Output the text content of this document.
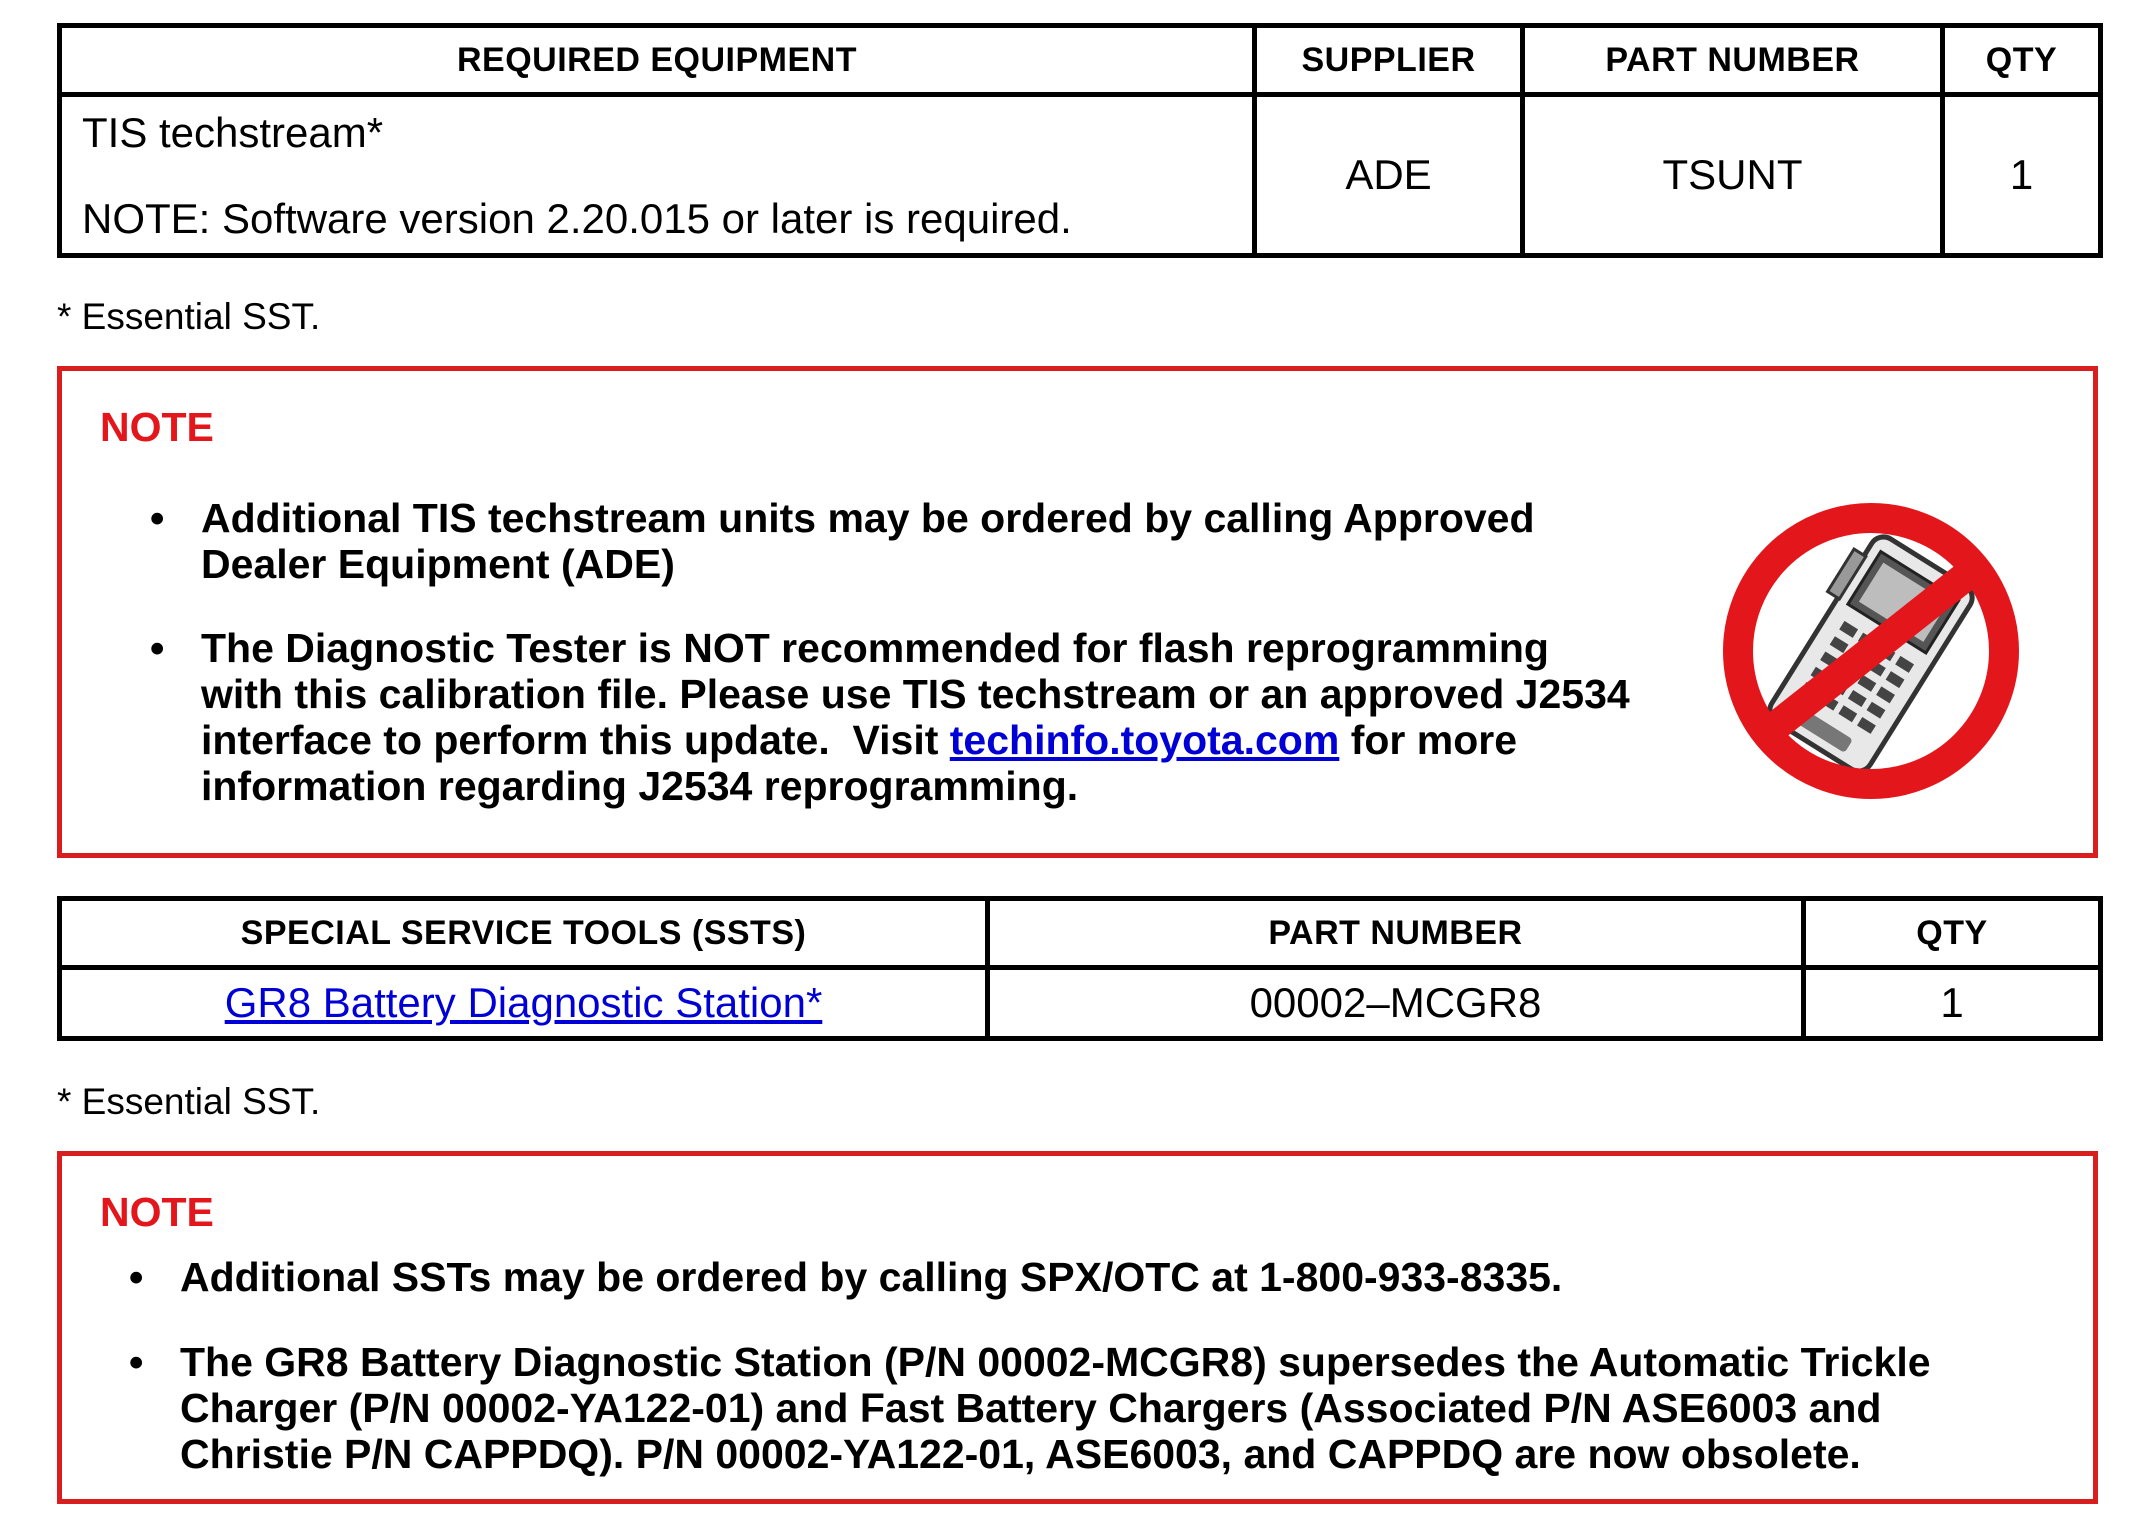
REQUIRED EQUIPMENT	SUPPLIER	PART NUMBER	QTY

TIS techstream*
NOTE: Software version 2.20.015 or later is required.	ADE	TSUNT	1
* Essential SST.
NOTE
• Additional TIS techstream units may be ordered by calling Approved
Dealer Equipment (ADE)
• The Diagnostic Tester is NOT recommended for flash reprogramming
with this calibration file. Please use TIS techstream or an approved J2534
interface to perform this update.  Visit techinfo.toyota.com for more
information regarding J2534 reprogramming.
SPECIAL SERVICE TOOLS (SSTS)	PART NUMBER	QTY
GR8 Battery Diagnostic Station*	00002–MCGR8	1
* Essential SST.
NOTE
• Additional SSTs may be ordered by calling SPX/OTC at 1-800-933-8335.
• The GR8 Battery Diagnostic Station (P/N 00002-MCGR8) supersedes the Automatic Trickle
Charger (P/N 00002-YA122-01) and Fast Battery Chargers (Associated P/N ASE6003 and
Christie P/N CAPPDQ). P/N 00002-YA122-01, ASE6003, and CAPPDQ are now obsolete.
